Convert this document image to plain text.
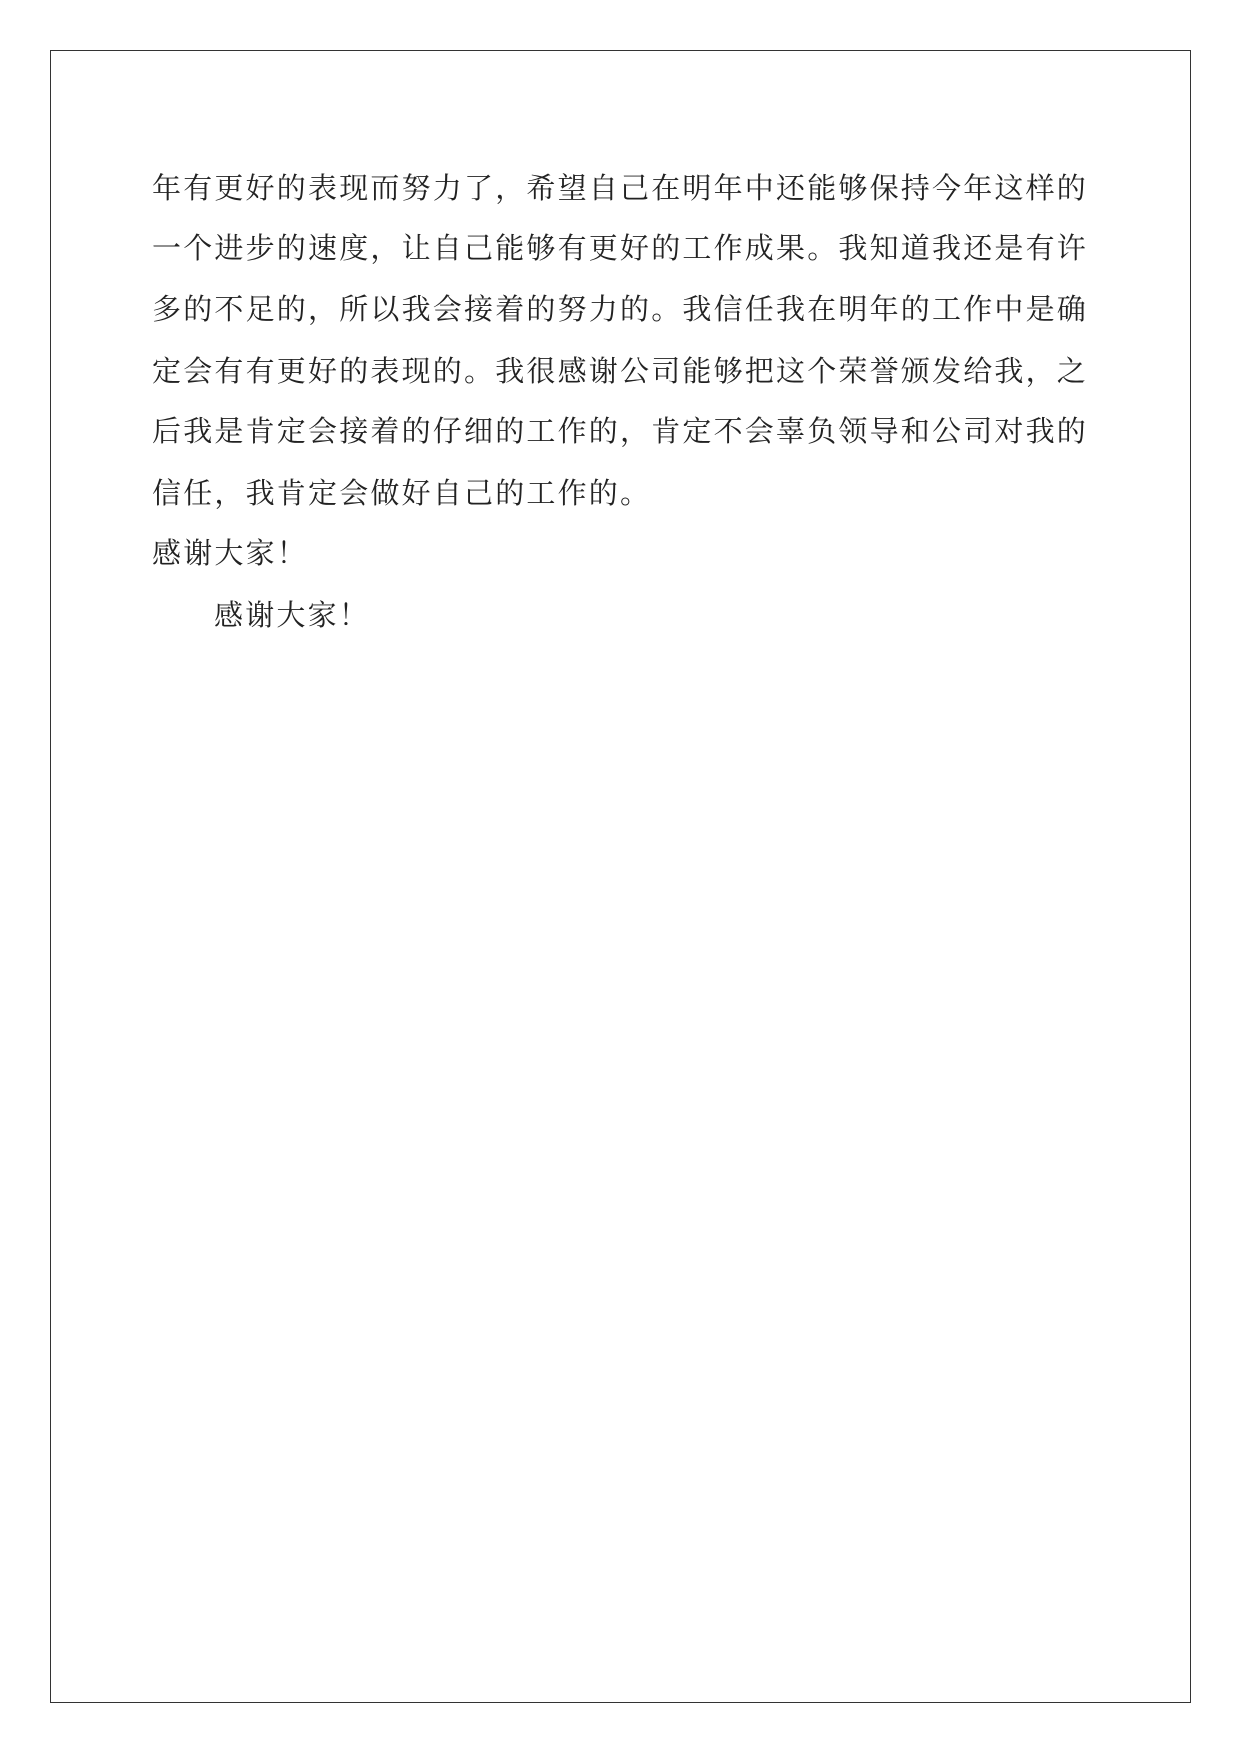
年有更好的表现而努力了，希望自己在明年中还能够保持今年这样的
一个进步的速度，让自己能够有更好的工作成果。我知道我还是有许
多的不足的，所以我会接着的努力的。我信任我在明年的工作中是确
定会有有更好的表现的。我很感谢公司能够把这个荣誉颁发给我，之
后我是肯定会接着的仔细的工作的，肯定不会辜负领导和公司对我的
信任，我肯定会做好自己的工作的。
感谢大家！
感谢大家！
